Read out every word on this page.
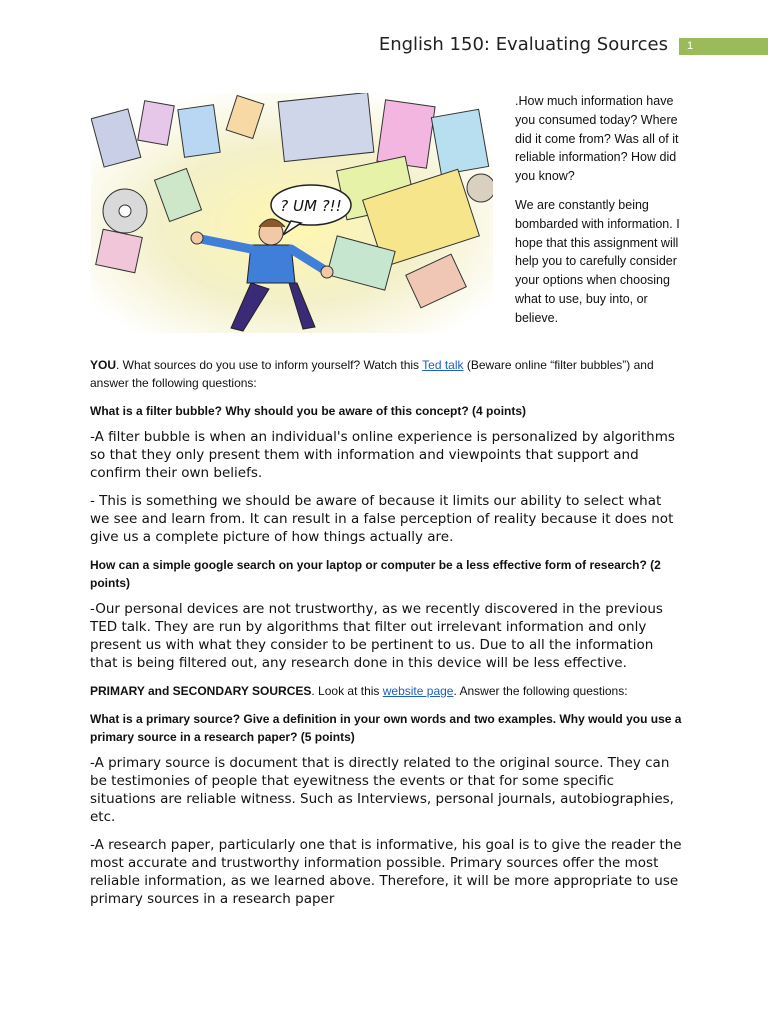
English 150: Evaluating Sources	1
? UM ?!!

.How much information have you consumed today? Where did it come from? Was all of it reliable information? How did you know?

We are constantly being bombarded with information. I hope that this assignment will help you to carefully consider your options when choosing what to use, buy into, or believe.

YOU. What sources do you use to inform yourself? Watch this Ted talk (Beware online “filter bubbles”) and answer the following questions:

What is a filter bubble? Why should you be aware of this concept? (4 points)

-A filter bubble is when an individual's online experience is personalized by algorithms so that they only present them with information and viewpoints that support and confirm their own beliefs.

- This is something we should be aware of because it limits our ability to select what we see and learn from. It can result in a false perception of reality because it does not give us a complete picture of how things actually are.

How can a simple google search on your laptop or computer be a less effective form of research? (2 points)

-Our personal devices are not trustworthy, as we recently discovered in the previous TED talk. They are run by algorithms that filter out irrelevant information and only present us with what they consider to be pertinent to us. Due to all the information that is being filtered out, any research done in this device will be less effective.

PRIMARY and SECONDARY SOURCES. Look at this website page. Answer the following questions:

What is a primary source? Give a definition in your own words and two examples. Why would you use a primary source in a research paper? (5 points)

-A primary source is document that is directly related to the original source. They can be testimonies of people that eyewitness the events or that for some specific situations are reliable witness. Such as Interviews, personal journals, autobiographies, etc.

-A research paper, particularly one that is informative, his goal is to give the reader the most accurate and trustworthy information possible. Primary sources offer the most reliable information, as we learned above. Therefore, it will be more appropriate to use primary sources in a research paper
